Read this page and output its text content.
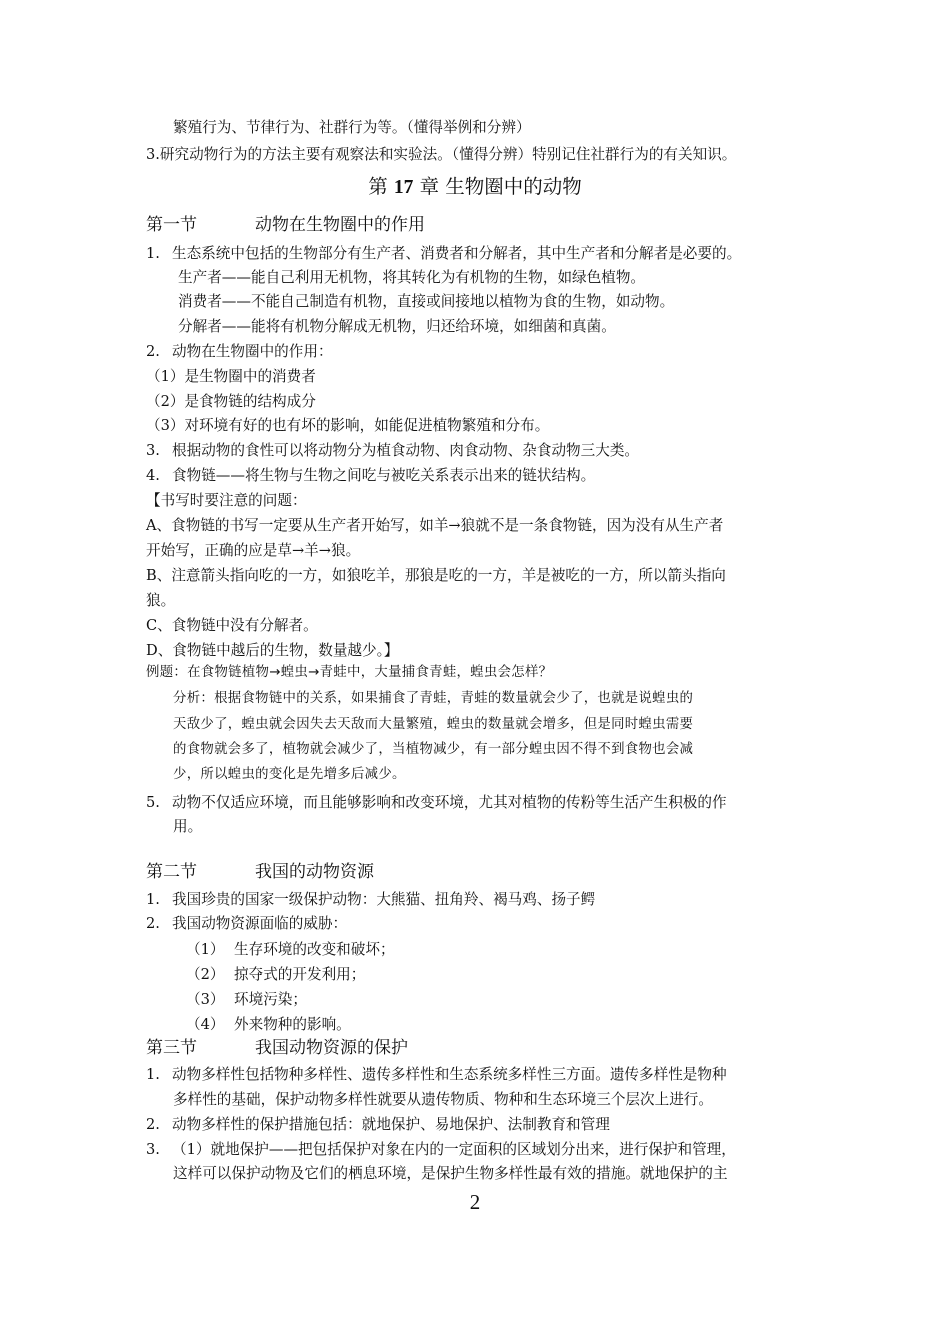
繁殖行为、节律行为、社群行为等。（懂得举例和分辨）
3.研究动物行为的方法主要有观察法和实验法。（懂得分辨）特别记住社群行为的有关知识。
第 17 章 生物圈中的动物
第一节	动物在生物圈中的作用
1. 生态系统中包括的生物部分有生产者、消费者和分解者，其中生产者和分解者是必要的。
生产者——能自己利用无机物，将其转化为有机物的生物，如绿色植物。
消费者——不能自己制造有机物，直接或间接地以植物为食的生物，如动物。
分解者——能将有机物分解成无机物，归还给环境，如细菌和真菌。
2. 动物在生物圈中的作用：
（1）是生物圈中的消费者
（2）是食物链的结构成分
（3）对环境有好的也有坏的影响，如能促进植物繁殖和分布。
3. 根据动物的食性可以将动物分为植食动物、肉食动物、杂食动物三大类。
4. 食物链——将生物与生物之间吃与被吃关系表示出来的链状结构。
【书写时要注意的问题：
A、食物链的书写一定要从生产者开始写，如羊→狼就不是一条食物链，因为没有从生产者
开始写，正确的应是草→羊→狼。
B、注意箭头指向吃的一方，如狼吃羊，那狼是吃的一方，羊是被吃的一方，所以箭头指向
狼。
C、食物链中没有分解者。
D、食物链中越后的生物，数量越少。】
例题：在食物链植物→蝗虫→青蛙中，大量捕食青蛙，蝗虫会怎样？
分析：根据食物链中的关系，如果捕食了青蛙，青蛙的数量就会少了，也就是说蝗虫的
天敌少了，蝗虫就会因失去天敌而大量繁殖，蝗虫的数量就会增多，但是同时蝗虫需要
的食物就会多了，植物就会减少了，当植物减少，有一部分蝗虫因不得不到食物也会减
少，所以蝗虫的变化是先增多后减少。
5. 动物不仅适应环境，而且能够影响和改变环境，尤其对植物的传粉等生活产生积极的作
用。
第二节	我国的动物资源
1. 我国珍贵的国家一级保护动物：大熊猫、扭角羚、褐马鸡、扬子鳄
2. 我国动物资源面临的威胁：
（1） 生存环境的改变和破坏；
（2） 掠夺式的开发利用；
（3） 环境污染；
（4） 外来物种的影响。
第三节	我国动物资源的保护
1. 动物多样性包括物种多样性、遗传多样性和生态系统多样性三方面。遗传多样性是物种
多样性的基础，保护动物多样性就要从遗传物质、物种和生态环境三个层次上进行。
2. 动物多样性的保护措施包括：就地保护、易地保护、法制教育和管理
3. （1）就地保护——把包括保护对象在内的一定面积的区域划分出来，进行保护和管理，
这样可以保护动物及它们的栖息环境，是保护生物多样性最有效的措施。就地保护的主
2
